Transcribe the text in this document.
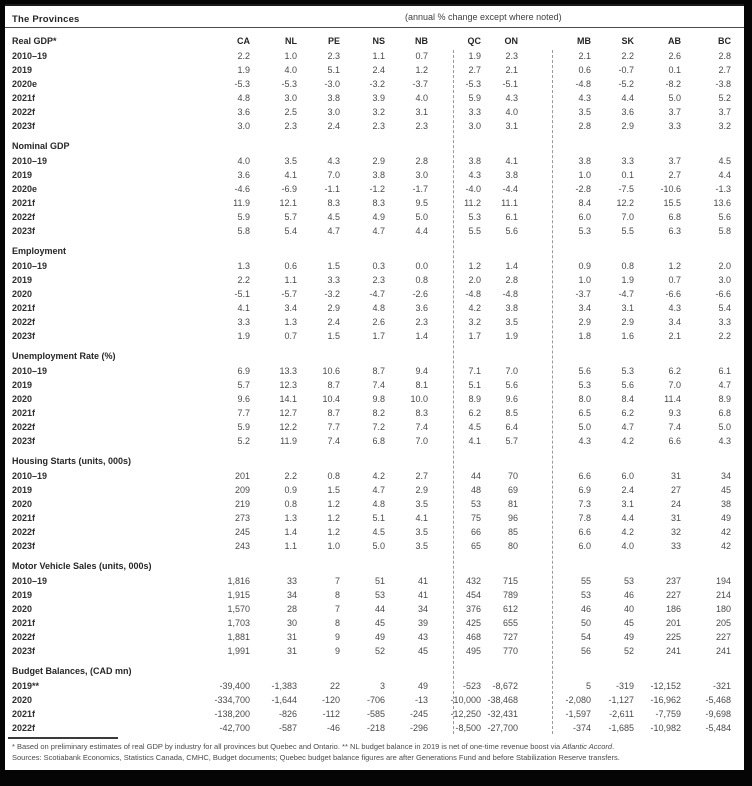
The Provinces	(annual % change except where noted)
Real GDP*	CA	NL	PE	NS	NB	QC	ON	MB	SK	AB	BC
2010–19	2.2	1.0	2.3	1.1	0.7	1.9	2.3	2.1	2.2	2.6	2.8
2019	1.9	4.0	5.1	2.4	1.2	2.7	2.1	0.6	-0.7	0.1	2.7
2020e	-5.3	-5.3	-3.0	-3.2	-3.7	-5.3	-5.1	-4.8	-5.2	-8.2	-3.8
2021f	4.8	3.0	3.8	3.9	4.0	5.9	4.3	4.3	4.4	5.0	5.2
2022f	3.6	2.5	3.0	3.2	3.1	3.3	4.0	3.5	3.6	3.7	3.7
2023f	3.0	2.3	2.4	2.3	2.3	3.0	3.1	2.8	2.9	3.3	3.2
Nominal GDP
2010–19	4.0	3.5	4.3	2.9	2.8	3.8	4.1	3.8	3.3	3.7	4.5
2019	3.6	4.1	7.0	3.8	3.0	4.3	3.8	1.0	0.1	2.7	4.4
2020e	-4.6	-6.9	-1.1	-1.2	-1.7	-4.0	-4.4	-2.8	-7.5	-10.6	-1.3
2021f	11.9	12.1	8.3	8.3	9.5	11.2	11.1	8.4	12.2	15.5	13.6
2022f	5.9	5.7	4.5	4.9	5.0	5.3	6.1	6.0	7.0	6.8	5.6
2023f	5.8	5.4	4.7	4.7	4.4	5.5	5.6	5.3	5.5	6.3	5.8
Employment
2010–19	1.3	0.6	1.5	0.3	0.0	1.2	1.4	0.9	0.8	1.2	2.0
2019	2.2	1.1	3.3	2.3	0.8	2.0	2.8	1.0	1.9	0.7	3.0
2020	-5.1	-5.7	-3.2	-4.7	-2.6	-4.8	-4.8	-3.7	-4.7	-6.6	-6.6
2021f	4.1	3.4	2.9	4.8	3.6	4.2	3.8	3.4	3.1	4.3	5.4
2022f	3.3	1.3	2.4	2.6	2.3	3.2	3.5	2.9	2.9	3.4	3.3
2023f	1.9	0.7	1.5	1.7	1.4	1.7	1.9	1.8	1.6	2.1	2.2
Unemployment Rate (%)
2010–19	6.9	13.3	10.6	8.7	9.4	7.1	7.0	5.6	5.3	6.2	6.1
2019	5.7	12.3	8.7	7.4	8.1	5.1	5.6	5.3	5.6	7.0	4.7
2020	9.6	14.1	10.4	9.8	10.0	8.9	9.6	8.0	8.4	11.4	8.9
2021f	7.7	12.7	8.7	8.2	8.3	6.2	8.5	6.5	6.2	9.3	6.8
2022f	5.9	12.2	7.7	7.2	7.4	4.5	6.4	5.0	4.7	7.4	5.0
2023f	5.2	11.9	7.4	6.8	7.0	4.1	5.7	4.3	4.2	6.6	4.3
Housing Starts (units, 000s)
2010–19	201	2.2	0.8	4.2	2.7	44	70	6.6	6.0	31	34
2019	209	0.9	1.5	4.7	2.9	48	69	6.9	2.4	27	45
2020	219	0.8	1.2	4.8	3.5	53	81	7.3	3.1	24	38
2021f	273	1.3	1.2	5.1	4.1	75	96	7.8	4.4	31	49
2022f	245	1.4	1.2	4.5	3.5	66	85	6.6	4.2	32	42
2023f	243	1.1	1.0	5.0	3.5	65	80	6.0	4.0	33	42
Motor Vehicle Sales (units, 000s)
2010–19	1,816	33	7	51	41	432	715	55	53	237	194
2019	1,915	34	8	53	41	454	789	53	46	227	214
2020	1,570	28	7	44	34	376	612	46	40	186	180
2021f	1,703	30	8	45	39	425	655	50	45	201	205
2022f	1,881	31	9	49	43	468	727	54	49	225	227
2023f	1,991	31	9	52	45	495	770	56	52	241	241
Budget Balances, (CAD mn)
2019**	-39,400	-1,383	22	3	49	-523	-8,672	5	-319	-12,152	-321
2020	-334,700	-1,644	-120	-706	-13	-10,000 -38,468	-2,080	-1,127	-16,962	-5,468
2021f	-138,200	-826	-112	-585	-245	-12,250 -32,431	-1,597	-2,611	-7,759	-9,698
2022f	-42,700	-587	-46	-218	-296	-8,500 -27,700	-374	-1,685	-10,982	-5,484
* Based on preliminary estimates of real GDP by industry for all provinces but Quebec and Ontario. ** NL budget balance in 2019 is net of one-time revenue boost via Atlantic Accord.
Sources: Scotiabank Economics, Statistics Canada, CMHC, Budget documents; Quebec budget balance figures are after Generations Fund and before Stabilization Reserve transfers.
